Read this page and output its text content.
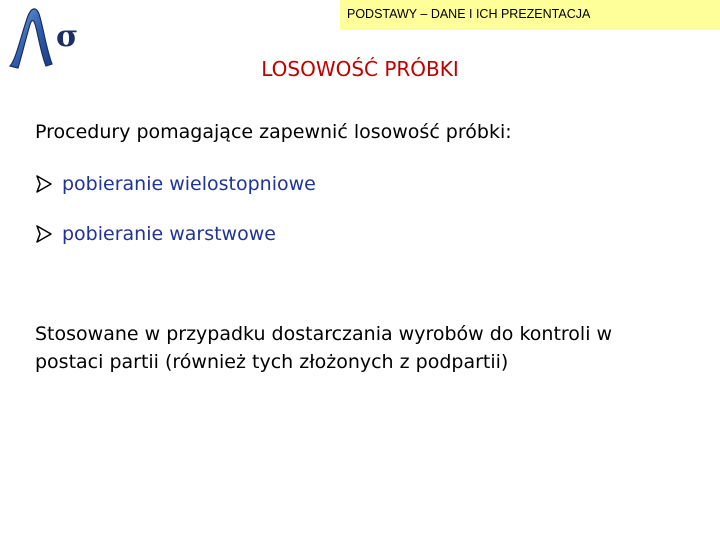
PODSTAWY – DANE I ICH PREZENTACJA
σ
LOSOWOŚĆ PRÓBKI
Procedury pomagające zapewnić losowość próbki:
pobieranie wielostopniowe
pobieranie warstwowe
Stosowane w przypadku dostarczania wyrobów do kontroli w postaci partii (również tych złożonych z podpartii)
